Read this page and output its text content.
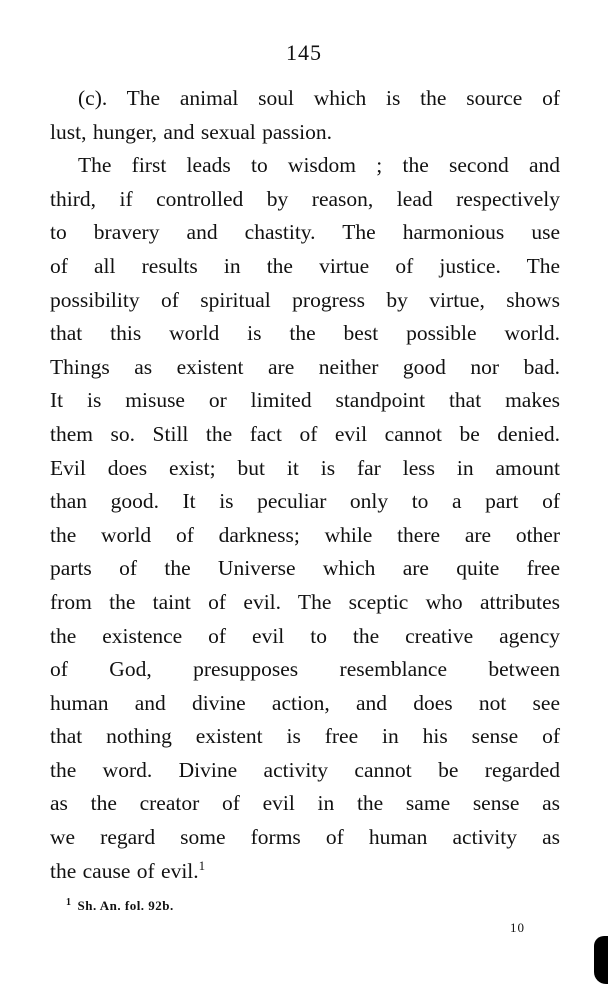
145
(c). The animal soul which is the source of
lust, hunger, and sexual passion.
The first leads to wisdom ; the second and
third, if controlled by reason, lead respectively
to bravery and chastity. The harmonious use
of all results in the virtue of justice. The
possibility of spiritual progress by virtue, shows
that this world is the best possible world.
Things as existent are neither good nor bad.
It is misuse or limited standpoint that makes
them so. Still the fact of evil cannot be denied.
Evil does exist; but it is far less in amount
than good. It is peculiar only to a part of
the world of darkness; while there are other
parts of the Universe which are quite free
from the taint of evil. The sceptic who attributes
the existence of evil to the creative agency
of God, presupposes resemblance between
human and divine action, and does not see
that nothing existent is free in his sense of
the word. Divine activity cannot be regarded
as the creator of evil in the same sense as
we regard some forms of human activity as
the cause of evil.$^1$
$^1$ Sh. An. fol. 92b.
10
